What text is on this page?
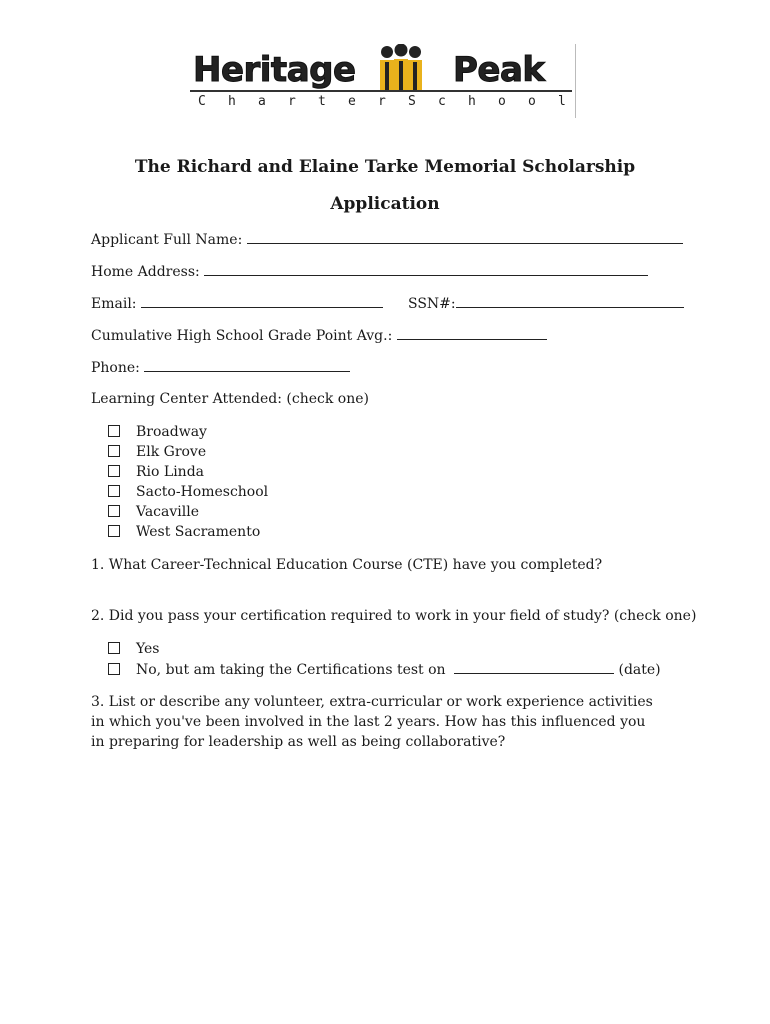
Heritage	Peak
C h a r t e r S c h o o l
The Richard and Elaine Tarke Memorial Scholarship
Application
Applicant Full Name:
Home Address:
Email:	SSN#:
Cumulative High School Grade Point Avg.:
Phone:
Learning Center Attended: (check one)
Broadway
Elk Grove
Rio Linda
Sacto-Homeschool
Vacaville
West Sacramento
1. What Career-Technical Education Course (CTE) have you completed?
2. Did you pass your certification required to work in your field of study? (check one)
Yes
No, but am taking the Certifications test on	(date)
3. List or describe any volunteer, extra-curricular or work experience activities in which you've been involved in the last 2 years. How has this influenced you in preparing for leadership as well as being collaborative?
